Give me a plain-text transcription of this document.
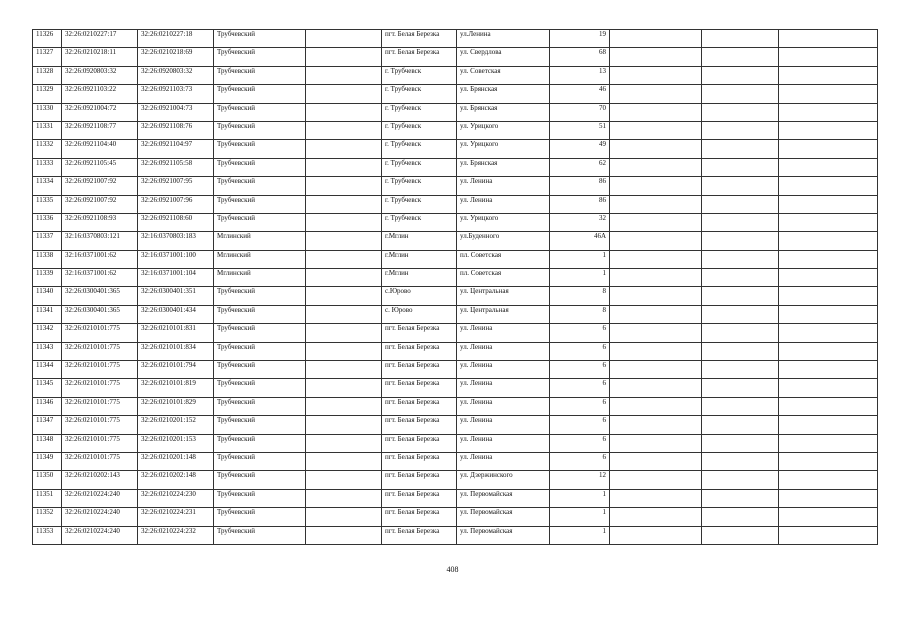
11326	32:26:0210227:17	32:26:0210227:18	Трубчевский		пгт. Белая Березка	ул.Ленина	19			
11327	32:26:0210218:11	32:26:0210218:69	Трубчевский		пгт. Белая Березка	ул. Свердлова	68			
11328	32:26:0920803:32	32:26:0920803:32	Трубчевский		г. Трубчевск	ул. Советская	13			
11329	32:26:0921103:22	32:26:0921103:73	Трубчевский		г. Трубчевск	ул. Брянская	46			
11330	32:26:0921004:72	32:26:0921004:73	Трубчевский		г. Трубчевск	ул. Брянская	70			
11331	32:26:0921108:77	32:26:0921108:76	Трубчевский		г. Трубчевск	ул. Урицкого	51			
11332	32:26:0921104:40	32:26:0921104:97	Трубчевский		г. Трубчевск	ул. Урицкого	49			
11333	32:26:0921105:45	32:26:0921105:58	Трубчевский		г. Трубчевск	ул. Брянская	62			
11334	32:26:0921007:92	32:26:0921007:95	Трубчевский		г. Трубчевск	ул. Ленина	86			
11335	32:26:0921007:92	32:26:0921007:96	Трубчевский		г. Трубчевск	ул. Ленина	86			
11336	32:26:0921108:93	32:26:0921108:60	Трубчевский		г. Трубчевск	ул. Урицкого	32			
11337	32:16:0370803:121	32:16:0370803:183	Мглинский		г.Мглин	ул.Буденного	46А			
11338	32:16:0371001:62	32:16:0371001:100	Мглинский		г.Мглин	пл. Советская	1			
11339	32:16:0371001:62	32:16:0371001:104	Мглинский		г.Мглин	пл. Советская	1			
11340	32:26:0300401:365	32:26:0300401:351	Трубчевский		с.Юрово	ул. Центральная	8			
11341	32:26:0300401:365	32:26:0300401:434	Трубчевский		с. Юрово	ул. Центральная	8			
11342	32:26:0210101:775	32:26:0210101:831	Трубчевский		пгт. Белая Березка	ул. Ленина	6			
11343	32:26:0210101:775	32:26:0210101:834	Трубчевский		пгт. Белая Березка	ул. Ленина	6			
11344	32:26:0210101:775	32:26:0210101:794	Трубчевский		пгт. Белая Березка	ул. Ленина	6			
11345	32:26:0210101:775	32:26:0210101:819	Трубчевский		пгт. Белая Березка	ул. Ленина	6			
11346	32:26:0210101:775	32:26:0210101:829	Трубчевский		пгт. Белая Березка	ул. Ленина	6			
11347	32:26:0210101:775	32:26:0210201:152	Трубчевский		пгт. Белая Березка	ул. Ленина	6			
11348	32:26:0210101:775	32:26:0210201:153	Трубчевский		пгт. Белая Березка	ул. Ленина	6			
11349	32:26:0210101:775	32:26:0210201:148	Трубчевский		пгт. Белая Березка	ул. Ленина	6			
11350	32:26:0210202:143	32:26:0210202:148	Трубчевский		пгт. Белая Березка	ул. Дзержинского	12			
11351	32:26:0210224:240	32:26:0210224:230	Трубчевский		пгт. Белая Березка	ул. Первомайская	1			
11352	32:26:0210224:240	32:26:0210224:231	Трубчевский		пгт. Белая Березка	ул. Первомайская	1			
11353	32:26:0210224:240	32:26:0210224:232	Трубчевский		пгт. Белая Березка	ул. Первомайская	1			
408
